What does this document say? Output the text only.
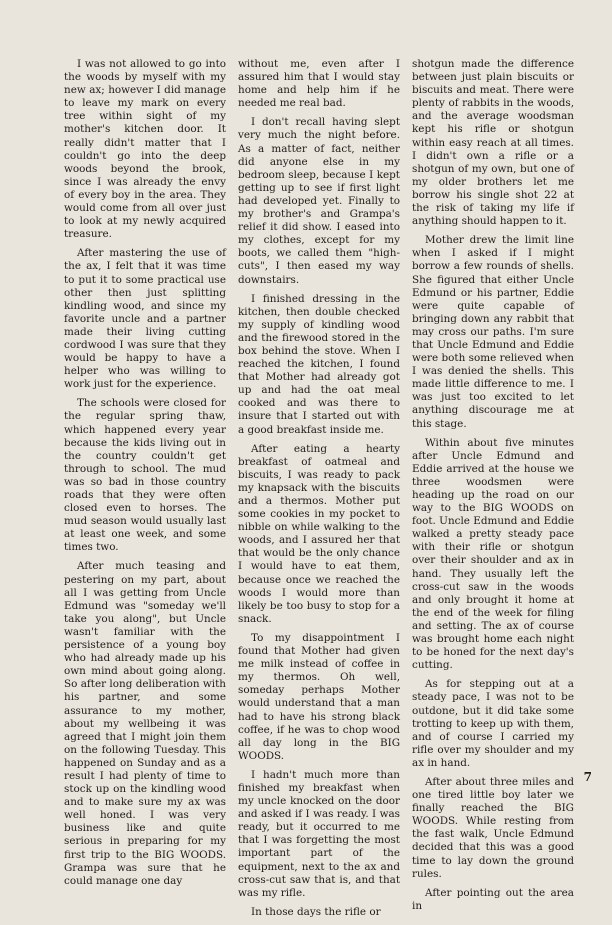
I was not allowed to go into the woods by myself with my new ax; however I did manage to leave my mark on every tree within sight of my mother's kitchen door. It really didn't matter that I couldn't go into the deep woods beyond the brook, since I was already the envy of every boy in the area. They would come from all over just to look at my newly acquired treasure.

After mastering the use of the ax, I felt that it was time to put it to some practical use other then just splitting kindling wood, and since my favorite uncle and a partner made their living cutting cordwood I was sure that they would be happy to have a helper who was willing to work just for the experience.

The schools were closed for the regular spring thaw, which happened every year because the kids living out in the country couldn't get through to school. The mud was so bad in those country roads that they were often closed even to horses. The mud season would usually last at least one week, and some times two.

After much teasing and pestering on my part, about all I was getting from Uncle Edmund was "someday we'll take you along", but Uncle wasn't familiar with the persistence of a young boy who had already made up his own mind about going along. So after long deliberation with his partner, and some assurance to my mother, about my wellbeing it was agreed that I might join them on the following Tuesday. This happened on Sunday and as a result I had plenty of time to stock up on the kindling wood and to make sure my ax was well honed. I was very business like and quite serious in preparing for my first trip to the BIG WOODS. Grampa was sure that he could manage one day

without me, even after I assured him that I would stay home and help him if he needed me real bad.

I don't recall having slept very much the night before. As a matter of fact, neither did anyone else in my bedroom sleep, because I kept getting up to see if first light had developed yet. Finally to my brother's and Grampa's relief it did show. I eased into my clothes, except for my boots, we called them "high-cuts", I then eased my way downstairs.

I finished dressing in the kitchen, then double checked my supply of kindling wood and the firewood stored in the box behind the stove. When I reached the kitchen, I found that Mother had already got up and had the oat meal cooked and was there to insure that I started out with a good breakfast inside me.

After eating a hearty breakfast of oatmeal and biscuits, I was ready to pack my knapsack with the biscuits and a thermos. Mother put some cookies in my pocket to nibble on while walking to the woods, and I assured her that that would be the only chance I would have to eat them, because once we reached the woods I would more than likely be too busy to stop for a snack.

To my disappointment I found that Mother had given me milk instead of coffee in my thermos. Oh well, someday perhaps Mother would understand that a man had to have his strong black coffee, if he was to chop wood all day long in the BIG WOODS.

I hadn't much more than finished my breakfast when my uncle knocked on the door and asked if I was ready. I was ready, but it occurred to me that I was forgetting the most important part of the equipment, next to the ax and cross-cut saw that is, and that was my rifle.

In those days the rifle or

shotgun made the difference between just plain biscuits or biscuits and meat. There were plenty of rabbits in the woods, and the average woodsman kept his rifle or shotgun within easy reach at all times. I didn't own a rifle or a shotgun of my own, but one of my older brothers let me borrow his single shot 22 at the risk of taking my life if anything should happen to it.

Mother drew the limit line when I asked if I might borrow a few rounds of shells. She figured that either Uncle Edmund or his partner, Eddie were quite capable of bringing down any rabbit that may cross our paths. I'm sure that Uncle Edmund and Eddie were both some relieved when I was denied the shells. This made little difference to me. I was just too excited to let anything discourage me at this stage.

Within about five minutes after Uncle Edmund and Eddie arrived at the house we three woodsmen were heading up the road on our way to the BIG WOODS on foot. Uncle Edmund and Eddie walked a pretty steady pace with their rifle or shotgun over their shoulder and ax in hand. They usually left the cross-cut saw in the woods and only brought it home at the end of the week for filing and setting. The ax of course was brought home each night to be honed for the next day's cutting.

As for stepping out at a steady pace, I was not to be outdone, but it did take some trotting to keep up with them, and of course I carried my rifle over my shoulder and my ax in hand.

After about three miles and one tired little boy later we finally reached the BIG WOODS. While resting from the fast walk, Uncle Edmund decided that this was a good time to lay down the ground rules.

After pointing out the area in

7
